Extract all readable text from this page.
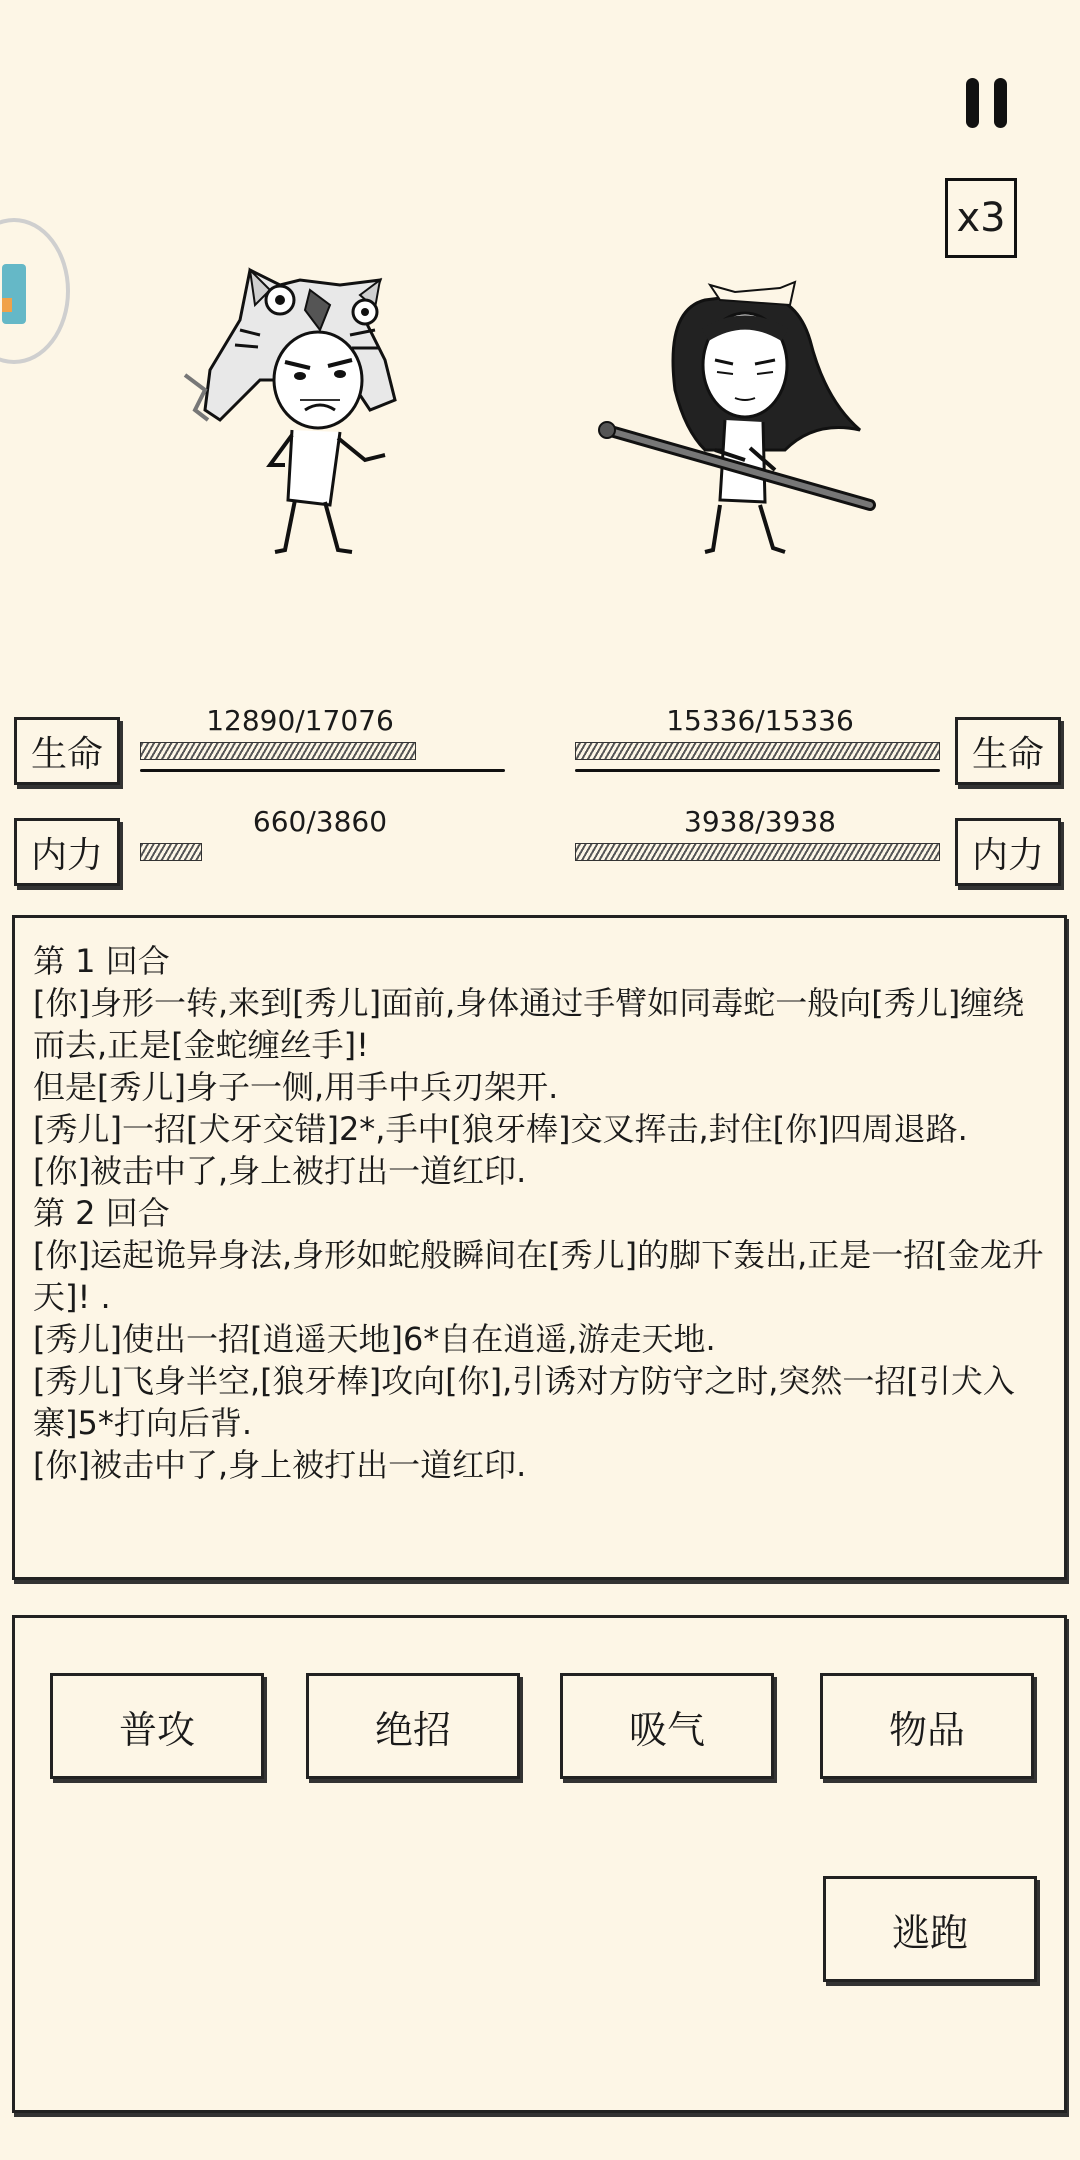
x3
生命
12890/17076
内力
660/3860
生命
15336/15336
内力
3938/3938
第 1 回合
[你]身形一转,来到[秀儿]面前,身体通过手臂如同毒蛇一般向[秀儿]缠绕而去,正是[金蛇缠丝手]!
但是[秀儿]身子一侧,用手中兵刃架开.
[秀儿]一招[犬牙交错]2*,手中[狼牙棒]交叉挥击,封住[你]四周退路.
[你]被击中了,身上被打出一道红印.
第 2 回合
[你]运起诡异身法,身形如蛇般瞬间在[秀儿]的脚下轰出,正是一招[金龙升天]! .
[秀儿]使出一招[逍遥天地]6*自在逍遥,游走天地.
[秀儿]飞身半空,[狼牙棒]攻向[你],引诱对方防守之时,突然一招[引犬入寨]5*打向后背.
[你]被击中了,身上被打出一道红印.
普攻	绝招	吸气	物品
逃跑
